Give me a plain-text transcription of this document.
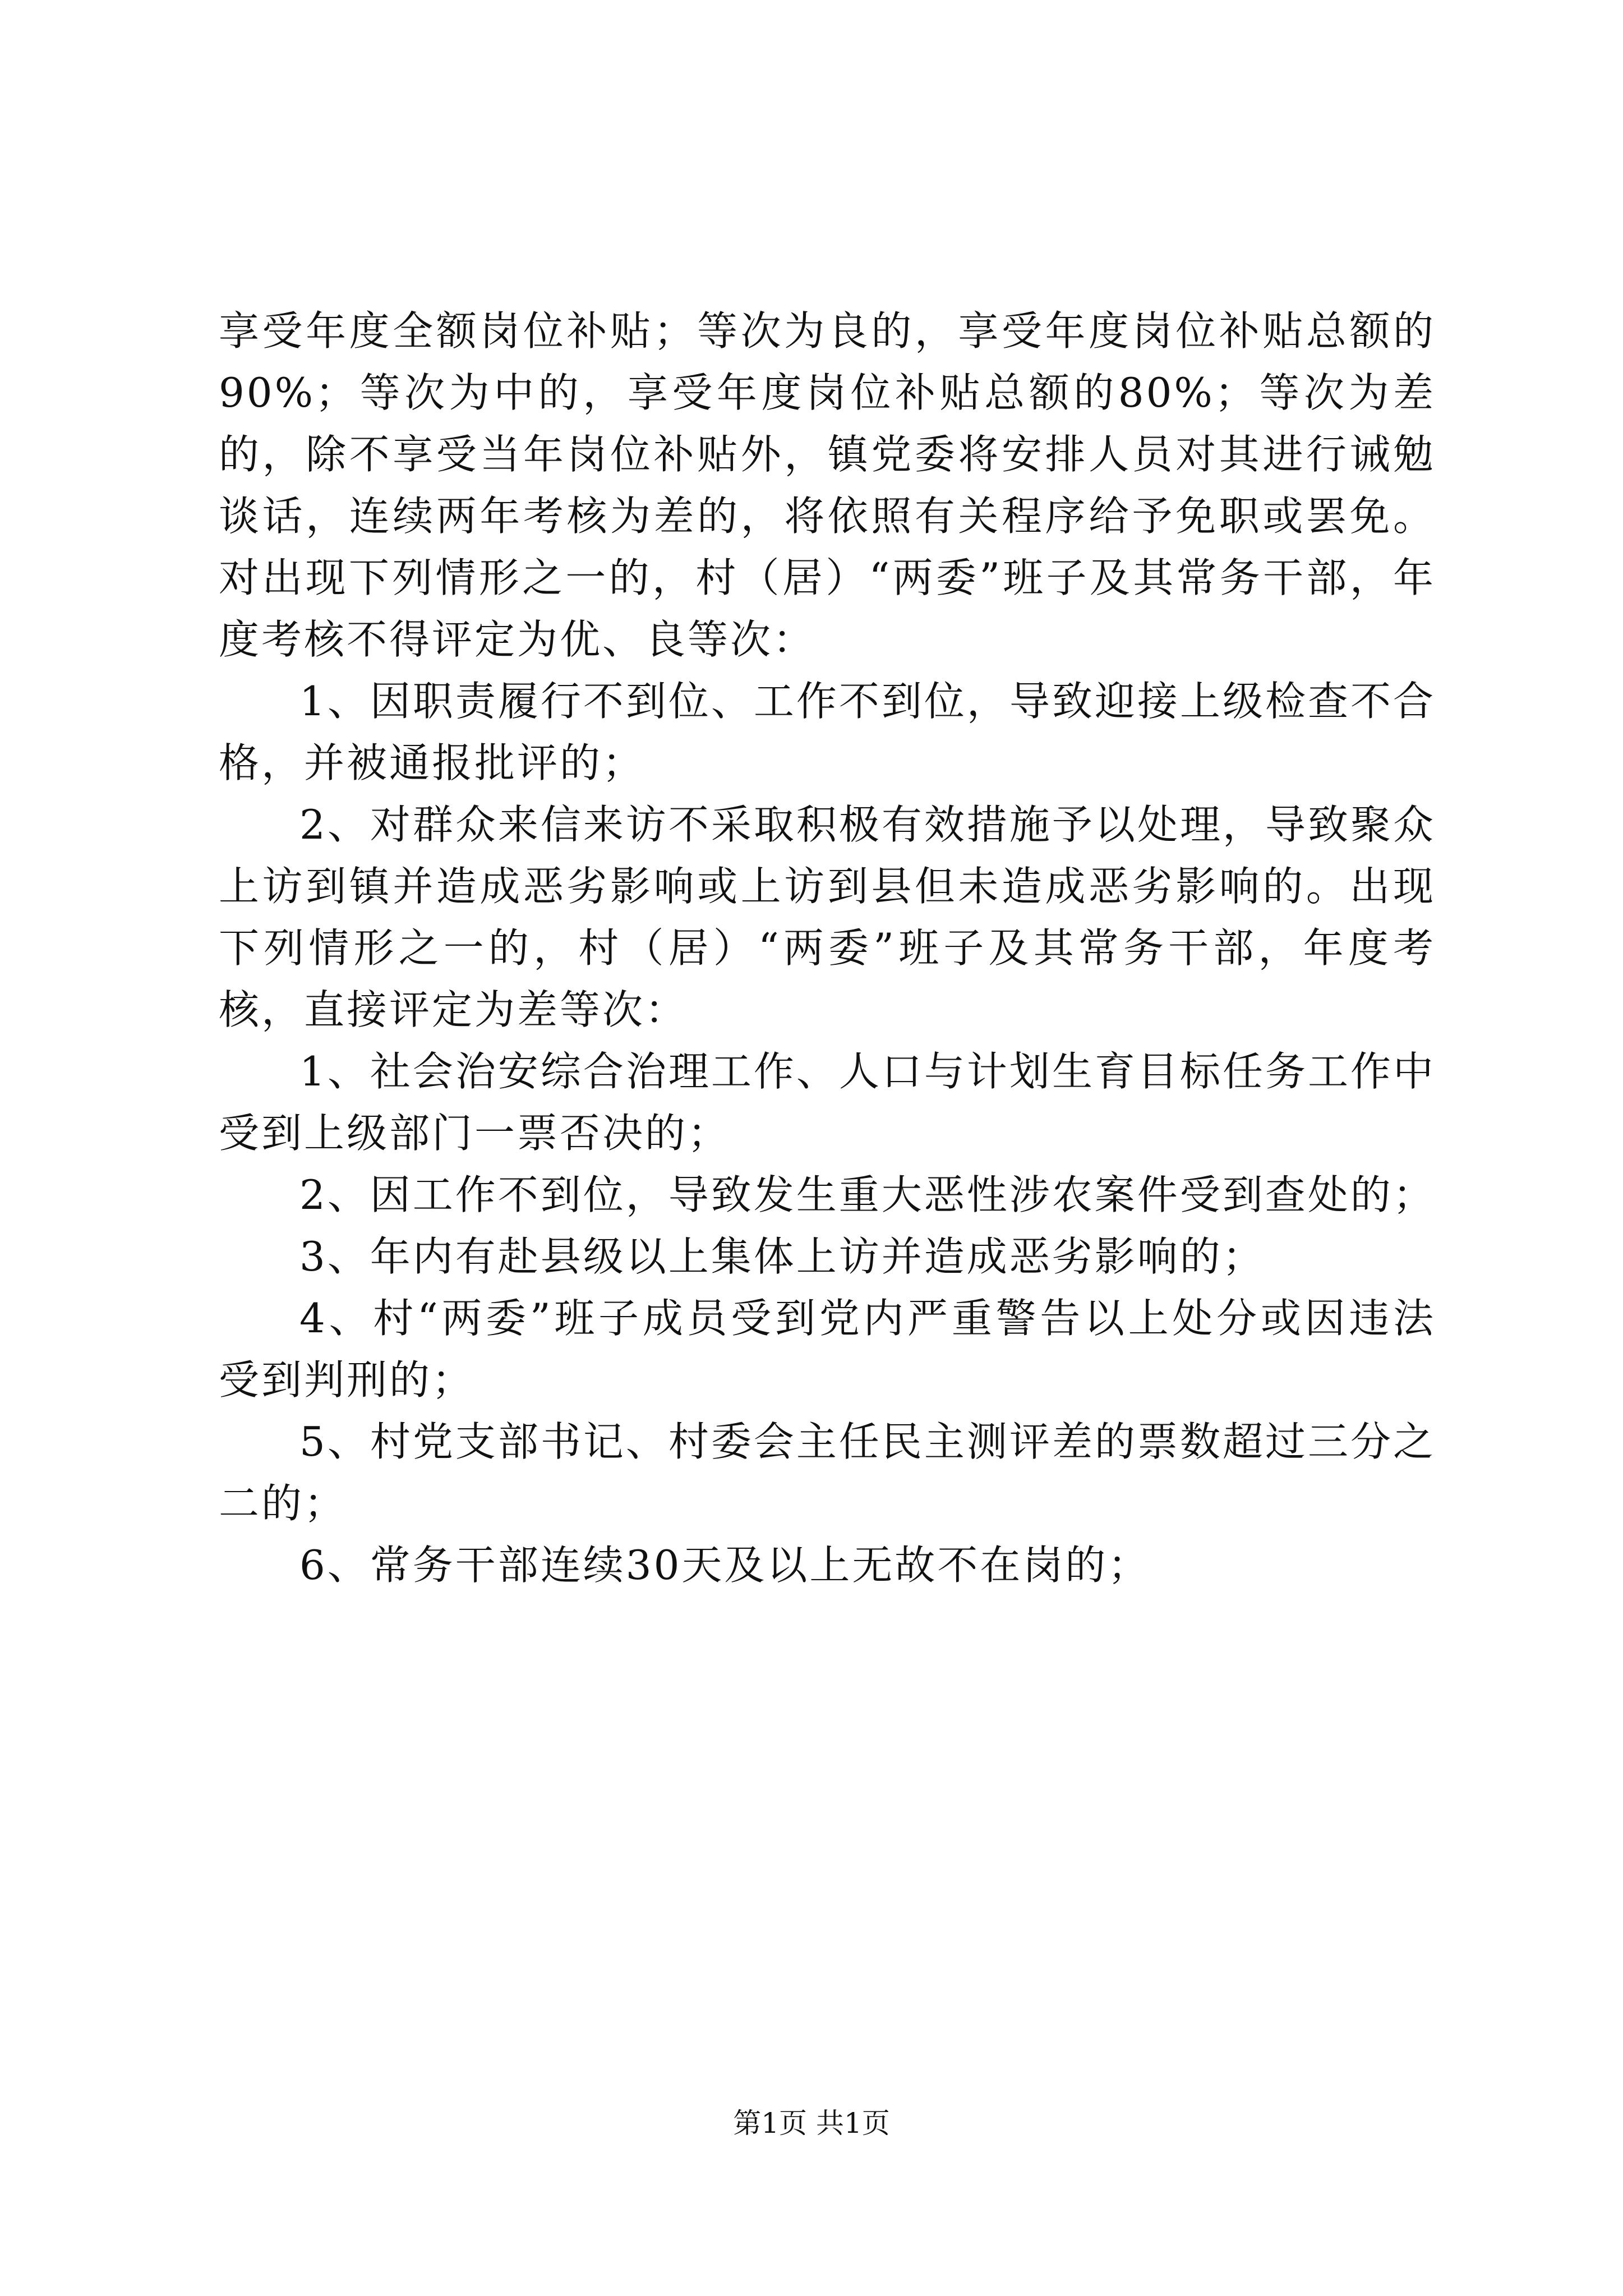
享受年度全额岗位补贴；等次为良的，享受年度岗位补贴总额的90%；等次为中的，享受年度岗位补贴总额的80%；等次为差的，除不享受当年岗位补贴外，镇党委将安排人员对其进行诫勉谈话，连续两年考核为差的，将依照有关程序给予免职或罢免。对出现下列情形之一的，村（居）“两委”班子及其常务干部，年度考核不得评定为优、良等次：

1、因职责履行不到位、工作不到位，导致迎接上级检查不合格，并被通报批评的；

2、对群众来信来访不采取积极有效措施予以处理，导致聚众上访到镇并造成恶劣影响或上访到县但未造成恶劣影响的。出现下列情形之一的，村（居）“两委”班子及其常务干部，年度考核，直接评定为差等次：

1、社会治安综合治理工作、人口与计划生育目标任务工作中受到上级部门一票否决的；

2、因工作不到位，导致发生重大恶性涉农案件受到查处的；

3、年内有赴县级以上集体上访并造成恶劣影响的；

4、村“两委”班子成员受到党内严重警告以上处分或因违法受到判刑的；

5、村党支部书记、村委会主任民主测评差的票数超过三分之二的；

6、常务干部连续30天及以上无故不在岗的；

第1页 共1页
